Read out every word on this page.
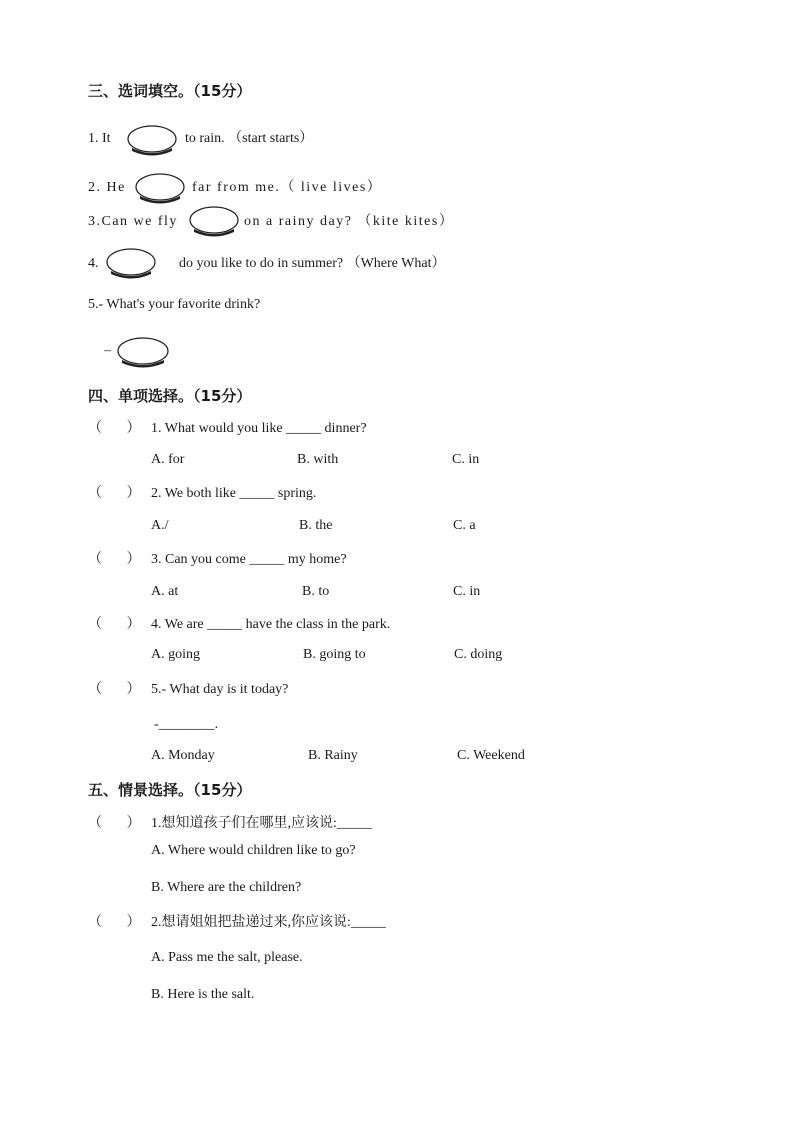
三、选词填空。（15分）
1. It	to rain. （start starts）
2. He	far from me.（ live lives）
3.Can we fly	on a rainy day? （kite kites）
4.	do you like to do in summer? （Where What）
5.- What's your favorite drink?
–
四、单项选择。（15分）
（       ） 1. What would you like _____ dinner?
A. for	B. with	C. in
（       ） 2. We both like _____ spring.
A./	B. the	C. a
（       ） 3. Can you come _____ my home?
A. at	B. to	C. in
（       ） 4. We are _____ have the class in the park.
A. going	B. going to	C. doing
（       ） 5.- What day is it today?
-________.
A. Monday	B. Rainy	C. Weekend
五、情景选择。（15分）
（       ） 1.想知道孩子们在哪里,应该说:_____
A. Where would children like to go?
B. Where are the children?
（       ） 2.想请姐姐把盐递过来,你应该说:_____
A. Pass me the salt, please.
B. Here is the salt.
